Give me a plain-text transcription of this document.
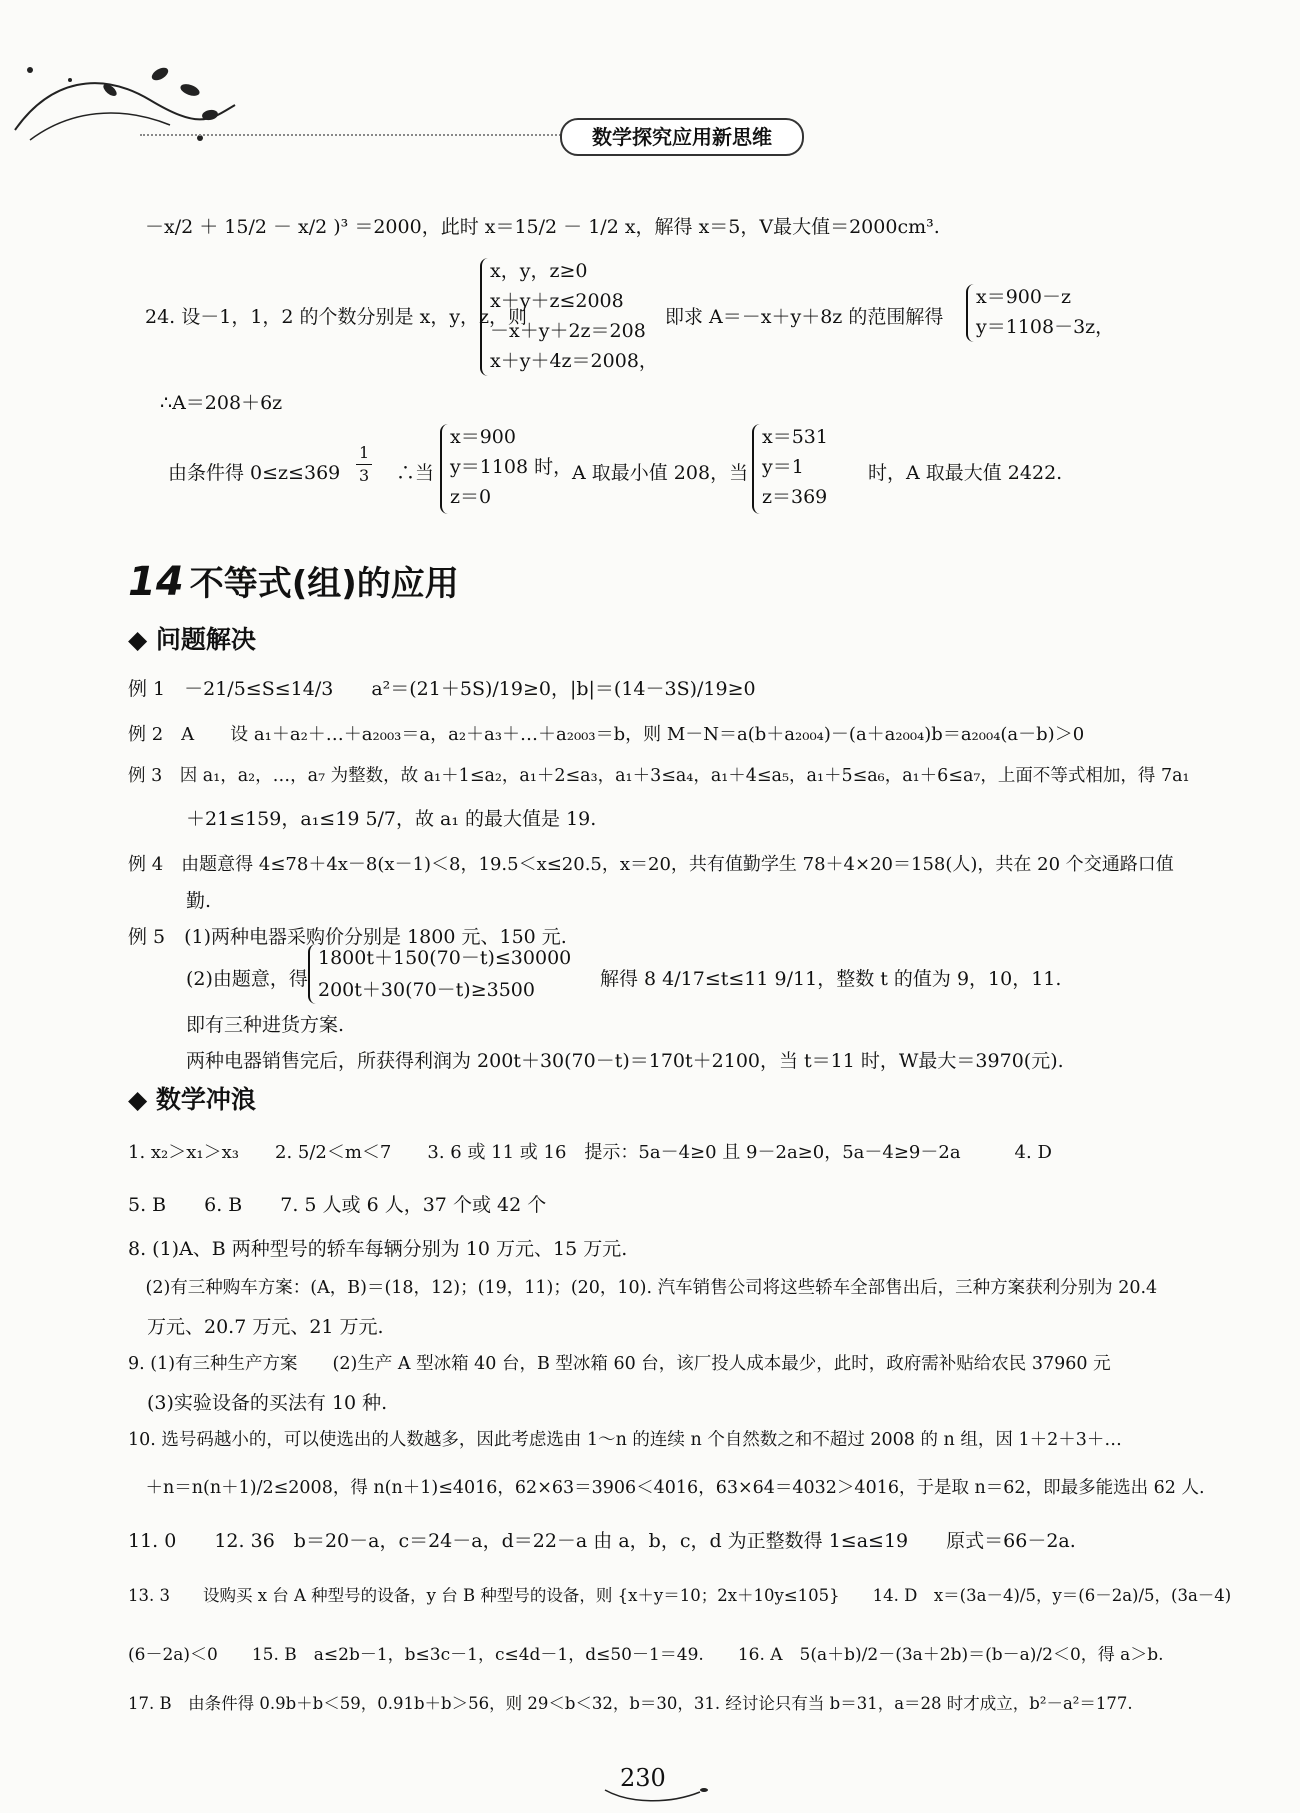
数学探究应用新思维
－x/2 ＋ 15/2 － x/2 )³ ＝2000，此时 x＝15/2 － 1/2 x，解得 x＝5，V最大值＝2000cm³.
24. 设－1，1，2 的个数分别是 x，y，z，则
x，y，z≥0
x＋y＋z≤2008
－x＋y＋2z＝208
x＋y＋4z＝2008，
即求 A＝－x＋y＋8z 的范围解得
x＝900－z
y＝1108－3z，
∴A＝208＋6z
由条件得 $0\le z\le 369 \frac{1}{3}$ ∴当
x＝900
y＝1108 时，
z＝0
A 取最小值 208，当
x＝531
y＝1
z＝369
时，A 取最大值 2422.
14 不等式(组)的应用
◆ 问题解决
例 1　－21/5≤S≤14/3　　a²＝(21＋5S)/19≥0，|b|＝(14－3S)/19≥0
例 2　A　　设 a₁＋a₂＋…＋a₂₀₀₃＝a，a₂＋a₃＋…＋a₂₀₀₃＝b，则 M－N＝a(b＋a₂₀₀₄)－(a＋a₂₀₀₄)b＝a₂₀₀₄(a－b)＞0
例 3　因 a₁，a₂，…，a₇ 为整数，故 a₁＋1≤a₂，a₁＋2≤a₃，a₁＋3≤a₄，a₁＋4≤a₅，a₁＋5≤a₆，a₁＋6≤a₇，上面不等式相加，得 7a₁
＋21≤159，a₁≤19 5/7，故 a₁ 的最大值是 19.
例 4　由题意得 4≤78＋4x－8(x－1)＜8，19.5＜x≤20.5，x＝20，共有值勤学生 78＋4×20＝158(人)，共在 20 个交通路口值
勤.
例 5　(1)两种电器采购价分别是 1800 元、150 元.
(2)由题意，得
1800t＋150(70－t)≤30000
200t＋30(70－t)≥3500	解得 8 4/17≤t≤11 9/11，整数 t 的值为 9，10，11.
即有三种进货方案.
两种电器销售完后，所获得利润为 200t＋30(70－t)＝170t＋2100，当 t＝11 时，W最大＝3970(元).
◆ 数学冲浪
1. x₂＞x₁＞x₃　　2. 5/2＜m＜7　　3. 6 或 11 或 16　提示：5a－4≥0 且 9－2a≥0，5a－4≥9－2a　　　4. D
5. B　　6. B　　7. 5 人或 6 人，37 个或 42 个
8. (1)A、B 两种型号的轿车每辆分别为 10 万元、15 万元.
　(2)有三种购车方案：(A，B)＝(18，12)；(19，11)；(20，10). 汽车销售公司将这些轿车全部售出后，三种方案获利分别为 20.4
　万元、20.7 万元、21 万元.
9. (1)有三种生产方案　　(2)生产 A 型冰箱 40 台，B 型冰箱 60 台，该厂投人成本最少，此时，政府需补贴给农民 37960 元
　(3)实验设备的买法有 10 种.
10. 选号码越小的，可以使选出的人数越多，因此考虑选由 1～n 的连续 n 个自然数之和不超过 2008 的 n 组，因 1＋2＋3＋…
　＋n＝n(n＋1)/2≤2008，得 n(n＋1)≤4016，62×63＝3906＜4016，63×64＝4032＞4016，于是取 n＝62，即最多能选出 62 人.
11. 0　　12. 36　b＝20－a，c＝24－a，d＝22－a 由 a，b，c，d 为正整数得 1≤a≤19　　原式＝66－2a.
13. 3　　设购买 x 台 A 种型号的设备，y 台 B 种型号的设备，则 {x＋y＝10；2x＋10y≤105}　　14. D　x＝(3a－4)/5，y＝(6－2a)/5，(3a－4)
(6－2a)＜0　　15. B　a≤2b－1，b≤3c－1，c≤4d－1，d≤50－1＝49.　　16. A　5(a＋b)/2－(3a＋2b)＝(b－a)/2＜0，得 a＞b.
17. B　由条件得 0.9b＋b＜59，0.91b＋b＞56，则 29＜b＜32，b＝30，31. 经讨论只有当 b＝31，a＝28 时才成立，b²－a²＝177.
230
